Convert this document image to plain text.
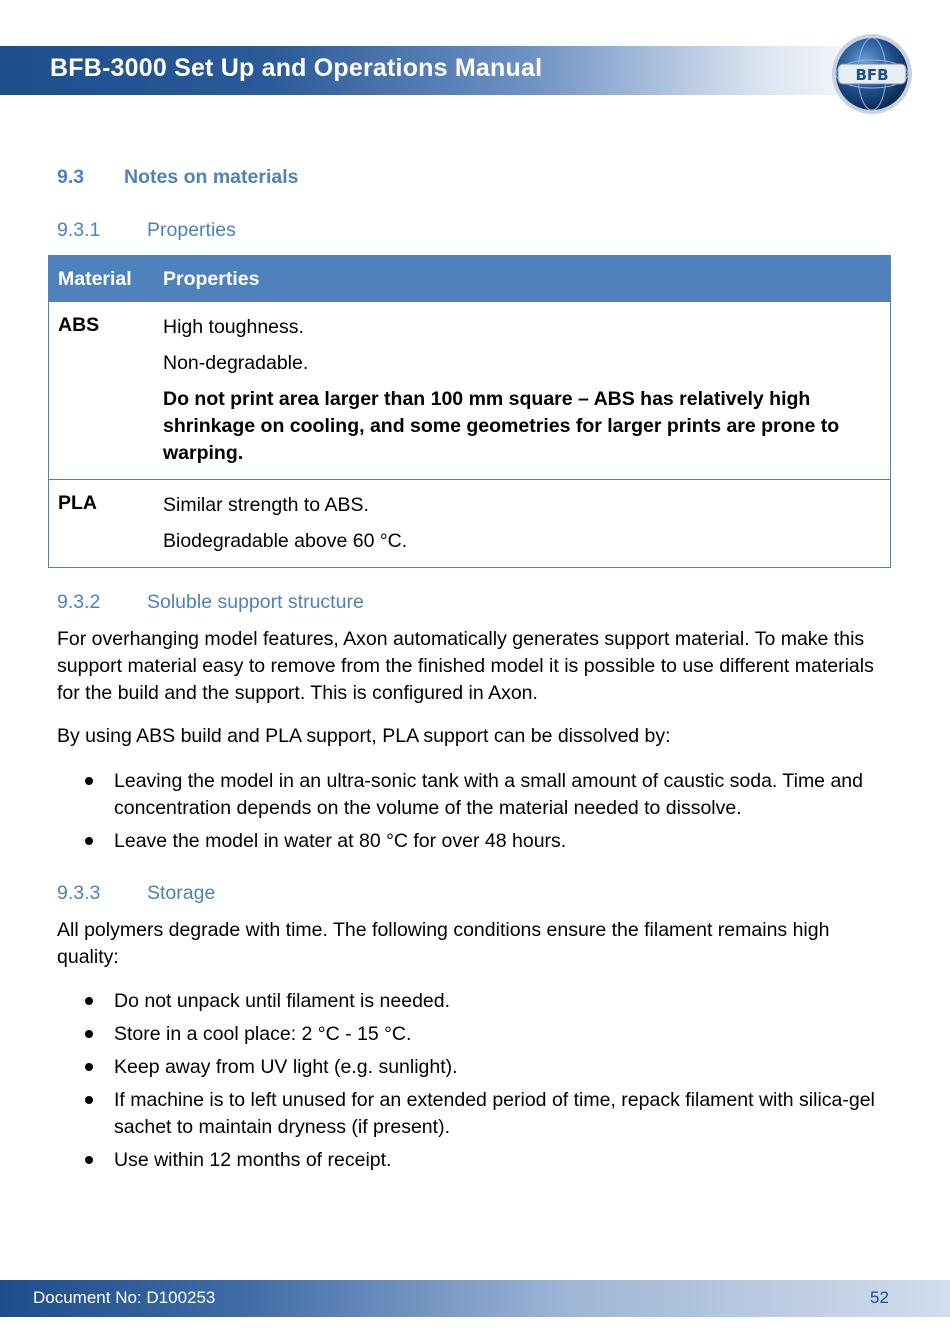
BFB-3000 Set Up and Operations Manual	BFB
9.3 Notes on materials
9.3.1 Properties
Material	Properties
ABS	High toughness.

Non-degradable.

Do not print area larger than 100 mm square – ABS has relatively high shrinkage on cooling, and some geometries for larger prints are prone to warping.

PLA	Similar strength to ABS.

Biodegradable above 60 °C.

9.3.2 Soluble support structure

For overhanging model features, Axon automatically generates support material. To make this support material easy to remove from the finished model it is possible to use different materials for the build and the support. This is configured in Axon.

By using ABS build and PLA support, PLA support can be dissolved by:

Leaving the model in an ultra-sonic tank with a small amount of caustic soda. Time and concentration depends on the volume of the material needed to dissolve.
Leave the model in water at 80 °C for over 48 hours.
9.3.3 Storage

All polymers degrade with time. The following conditions ensure the filament remains high quality:

Do not unpack until filament is needed.
Store in a cool place: 2 °C - 15 °C.
Keep away from UV light (e.g. sunlight).
If machine is to left unused for an extended period of time, repack filament with silica-gel sachet to maintain dryness (if present).
Use within 12 months of receipt.
Document No: D100253	52
